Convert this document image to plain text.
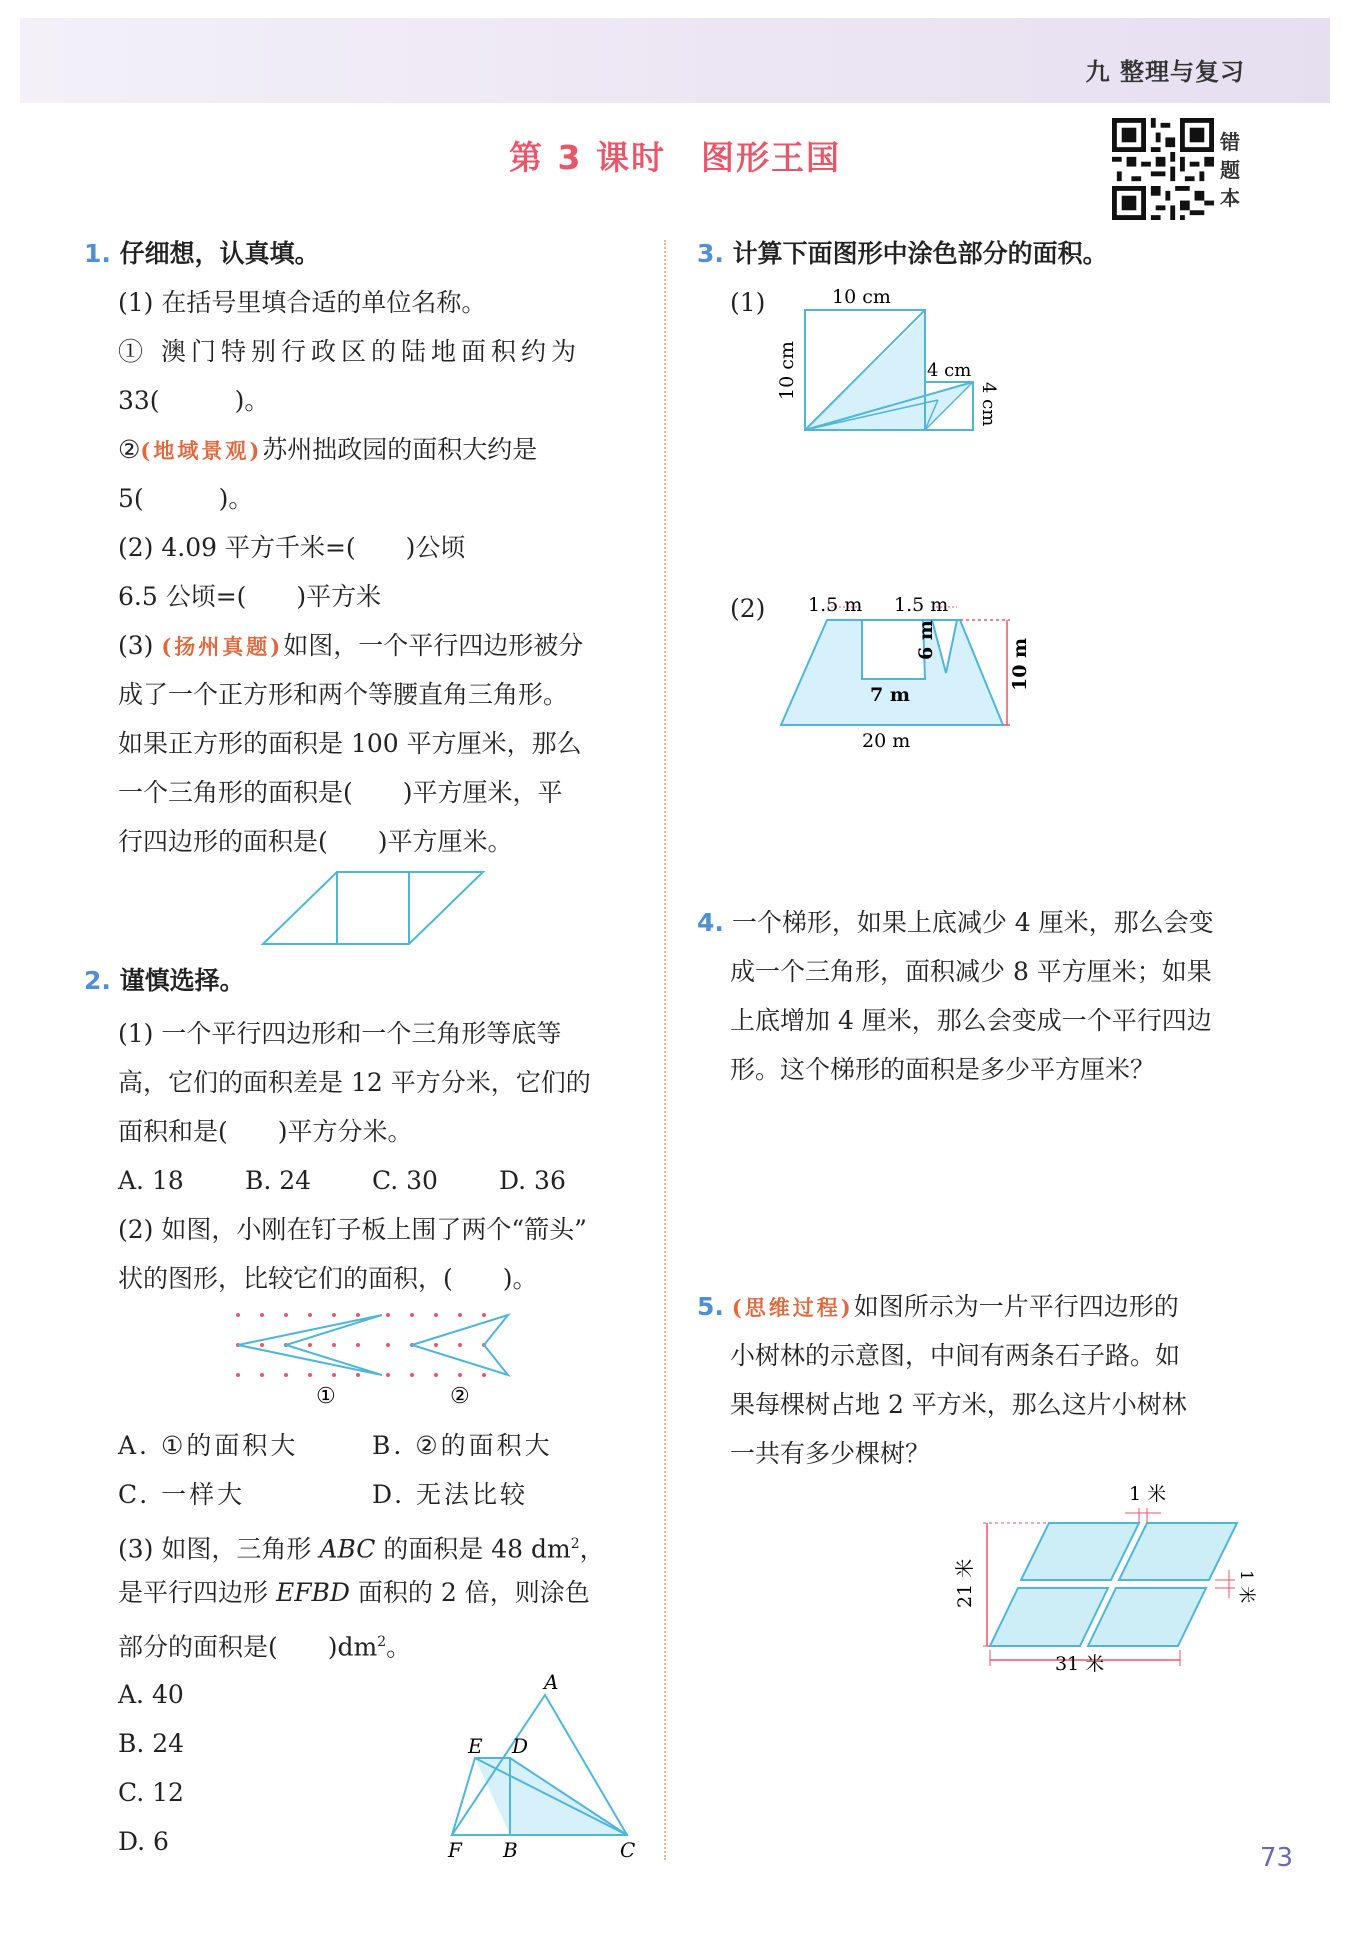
九 整理与复习
第 3 课时　图形王国	错
题
本
1. 仔细想，认真填。
(1) 在括号里填合适的单位名称。
① 澳门特别行政区的陆地面积约为
33(　　　)。
②(地域景观)苏州拙政园的面积大约是
5(　　　)。
(2) 4.09 平方千米=(　　)公顷
6.5 公顷=(　　)平方米
(3) (扬州真题)如图，一个平行四边形被分
成了一个正方形和两个等腰直角三角形。
如果正方形的面积是 100 平方厘米，那么
一个三角形的面积是(　　)平方厘米，平
行四边形的面积是(　　)平方厘米。
2. 谨慎选择。
(1) 一个平行四边形和一个三角形等底等
高，它们的面积差是 12 平方分米，它们的
面积和是(　　)平方分米。
A. 18 B. 24 C. 30 D. 36
(2) 如图，小刚在钉子板上围了两个“箭头”
状的图形，比较它们的面积，(　　)。
①	②
A. ①的面积大	B. ②的面积大
C. 一样大	D. 无法比较
(3) 如图，三角形 ABC 的面积是 48 $dm^2$，
是平行四边形 EFBD 面积的 2 倍，则涂色
部分的面积是(　　)$dm^2$。
A. 40
B. 24
C. 12
D. 6
A
E D
F B	C
3. 计算下面图形中涂色部分的面积。
(1)	10 cm
10 cm	4 cm
4 cm
(2) 1.5 m 1.5 m
6 m
7 m
10 m
20 m
4. 一个梯形，如果上底减少 4 厘米，那么会变
成一个三角形，面积减少 8 平方厘米；如果
上底增加 4 厘米，那么会变成一个平行四边
形。这个梯形的面积是多少平方厘米？
5. (思维过程)如图所示为一片平行四边形的
小树林的示意图，中间有两条石子路。如
果每棵树占地 2 平方米，那么这片小树林
一共有多少棵树？
1 米
21 米	1 米
31 米
73
